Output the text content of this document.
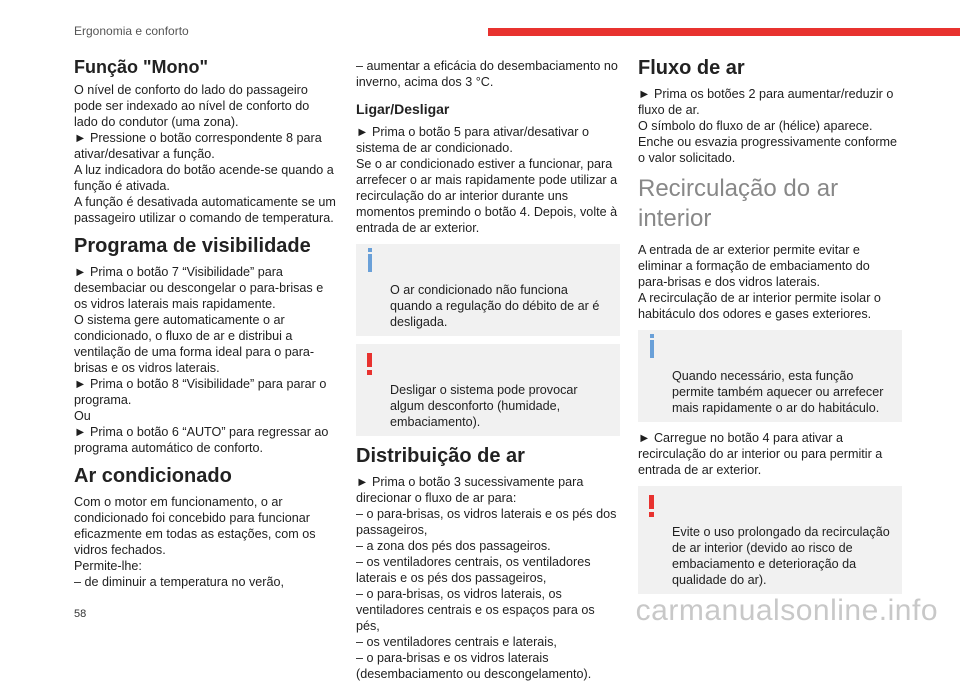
Ergonomia e conforto
Função "Mono"

O nível de conforto do lado do passageiro pode ser indexado ao nível de conforto do lado do condutor (uma zona).
► Pressione o botão correspondente 8 para ativar/desativar a função.
A luz indicadora do botão acende-se quando a função é ativada.
A função é desativada automaticamente se um passageiro utilizar o comando de temperatura.

Programa de visibilidade

► Prima o botão 7 “Visibilidade” para desembaciar ou descongelar o para-brisas e os vidros laterais mais rapidamente.
O sistema gere automaticamente o ar condicionado, o fluxo de ar e distribui a ventilação de uma forma ideal para o para-brisas e os vidros laterais.
► Prima o botão 8 “Visibilidade” para parar o programa.
Ou
► Prima o botão 6 “AUTO” para regressar ao programa automático de conforto.

Ar condicionado

Com o motor em funcionamento, o ar condicionado foi concebido para funcionar eficazmente em todas as estações, com os vidros fechados.
Permite-lhe:
– de diminuir a temperatura no verão,

– aumentar a eficácia do desembaciamento no inverno, acima dos 3 °C.

Ligar/Desligar

► Prima o botão 5 para ativar/desativar o sistema de ar condicionado.
Se o ar condicionado estiver a funcionar, para arrefecer o ar mais rapidamente pode utilizar a recirculação do ar interior durante uns momentos premindo o botão 4. Depois, volte à entrada de ar exterior.

O ar condicionado não funciona quando a regulação do débito de ar é desligada.

Desligar o sistema pode provocar algum desconforto (humidade, embaciamento).

Distribuição de ar

► Prima o botão 3 sucessivamente para direcionar o fluxo de ar para:
– o para-brisas, os vidros laterais e os pés dos passageiros,
– a zona dos pés dos passageiros.
– os ventiladores centrais, os ventiladores laterais e os pés dos passageiros,
– o para-brisas, os vidros laterais, os ventiladores centrais e os espaços para os pés,
– os ventiladores centrais e laterais,
– o para-brisas e os vidros laterais (desembaciamento ou descongelamento).

Fluxo de ar

► Prima os botões 2 para aumentar/reduzir o fluxo de ar.
O símbolo do fluxo de ar (hélice) aparece. Enche ou esvazia progressivamente conforme o valor solicitado.

Recirculação do ar interior

A entrada de ar exterior permite evitar e eliminar a formação de embaciamento do para-brisas e dos vidros laterais.
A recirculação de ar interior permite isolar o habitáculo dos odores e gases exteriores.

Quando necessário, esta função permite também aquecer ou arrefecer mais rapidamente o ar do habitáculo.

► Carregue no botão 4 para ativar a recirculação do ar interior ou para permitir a entrada de ar exterior.

Evite o uso prolongado da recirculação de ar interior (devido ao risco de embaciamento e deterioração da qualidade do ar).

58	carmanualsonline.info
